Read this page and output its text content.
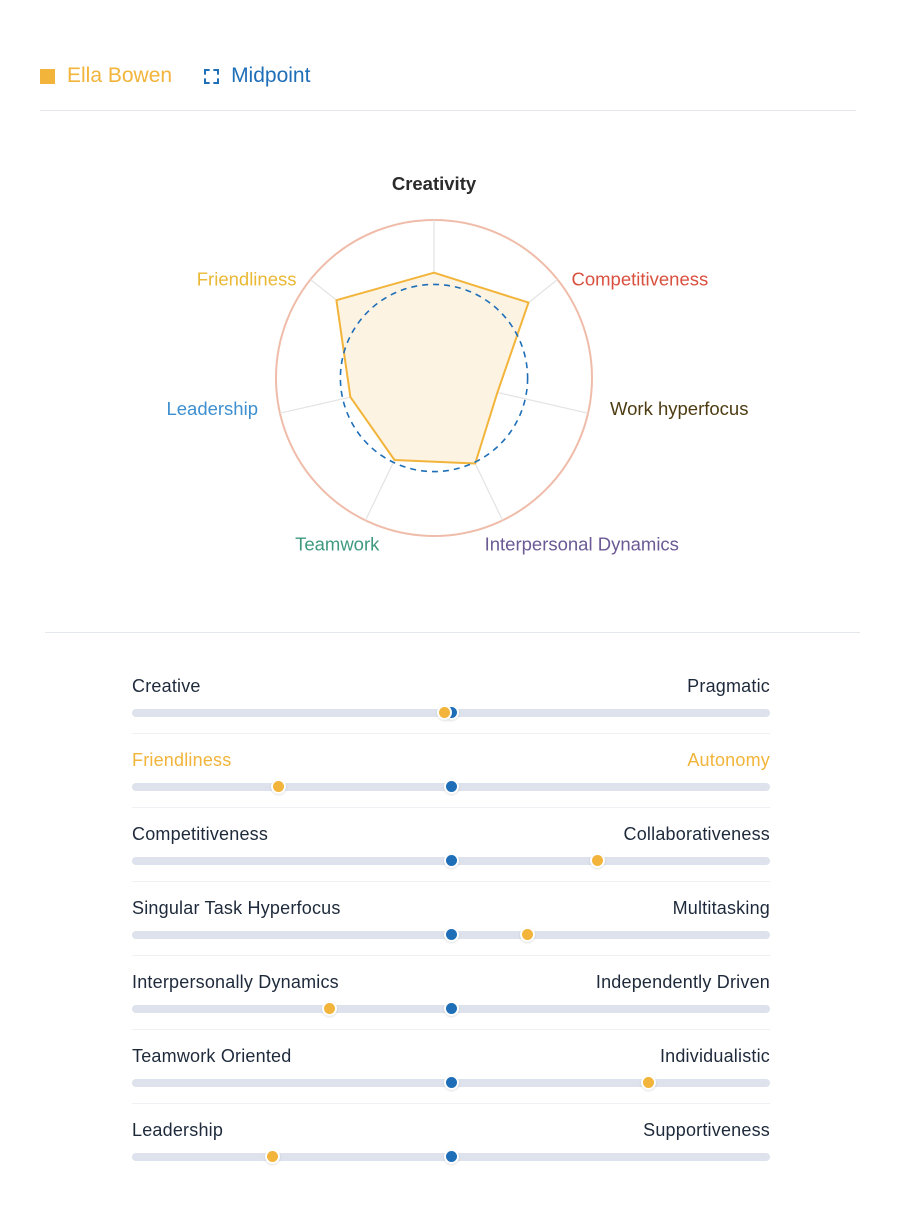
Ella Bowen	Midpoint
Creativity
Competitiveness
Work hyperfocus
Interpersonal Dynamics
Teamwork
Leadership
Friendliness
Creative	Pragmatic
Friendliness	Autonomy
Competitiveness	Collaborativeness
Singular Task Hyperfocus	Multitasking
Interpersonally Dynamics	Independently Driven
Teamwork Oriented	Individualistic
Leadership	Supportiveness
